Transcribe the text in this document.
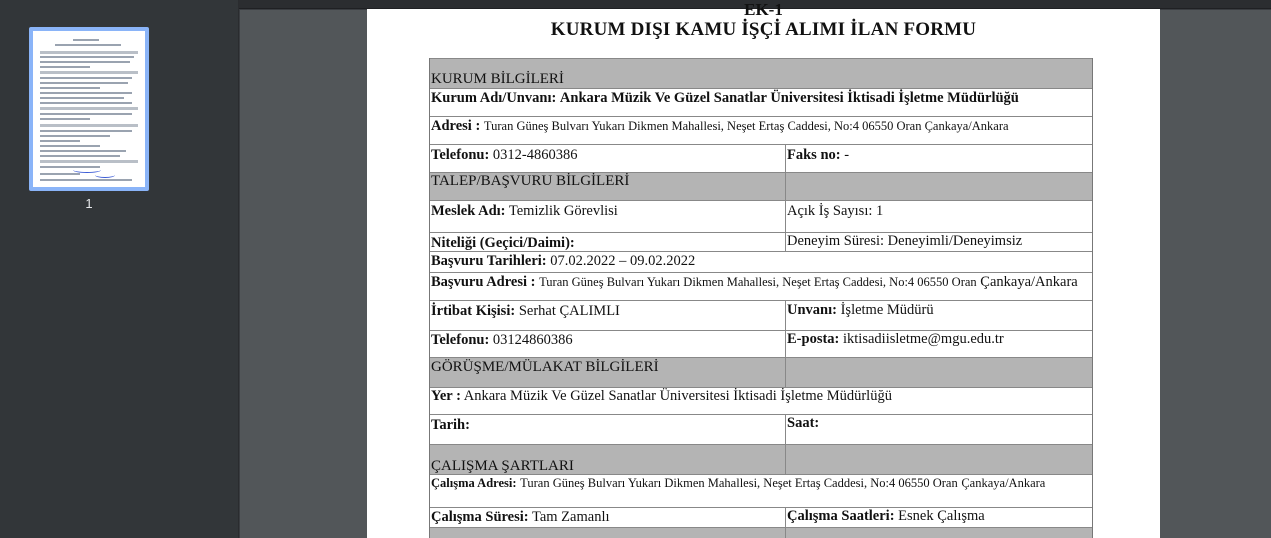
1
EK-1
KURUM DIŞI KAMU İŞÇİ ALIMI İLAN FORMU
KURUM BİLGİLERİ
Kurum Adı/Unvanı: Ankara Müzik Ve Güzel Sanatlar Üniversitesi İktisadi İşletme Müdürlüğü
Adresi : Turan Güneş Bulvarı Yukarı Dikmen Mahallesi, Neşet Ertaş Caddesi, No:4 06550 Oran Çankaya/Ankara
Telefonu: 0312-4860386	Faks no: -
TALEP/BAŞVURU BİLGİLERİ
Meslek Adı: Temizlik Görevlisi	Açık İş Sayısı: 1
Niteliği (Geçici/Daimi):	Deneyim Süresi: Deneyimli/Deneyimsiz
Başvuru Tarihleri: 07.02.2022 – 09.02.2022
Başvuru Adresi : Turan Güneş Bulvarı Yukarı Dikmen Mahallesi, Neşet Ertaş Caddesi, No:4 06550 Oran Çankaya/Ankara
İrtibat Kişisi: Serhat ÇALIMLI	Unvanı: İşletme Müdürü
Telefonu: 03124860386	E-posta: iktisadiisletme@mgu.edu.tr
GÖRÜŞME/MÜLAKAT BİLGİLERİ
Yer : Ankara Müzik Ve Güzel Sanatlar Üniversitesi İktisadi İşletme Müdürlüğü
Tarih:	Saat:
ÇALIŞMA ŞARTLARI
Çalışma Adresi: Turan Güneş Bulvarı Yukarı Dikmen Mahallesi, Neşet Ertaş Caddesi, No:4 06550 Oran Çankaya/Ankara
Çalışma Süresi: Tam Zamanlı	Çalışma Saatleri: Esnek Çalışma
